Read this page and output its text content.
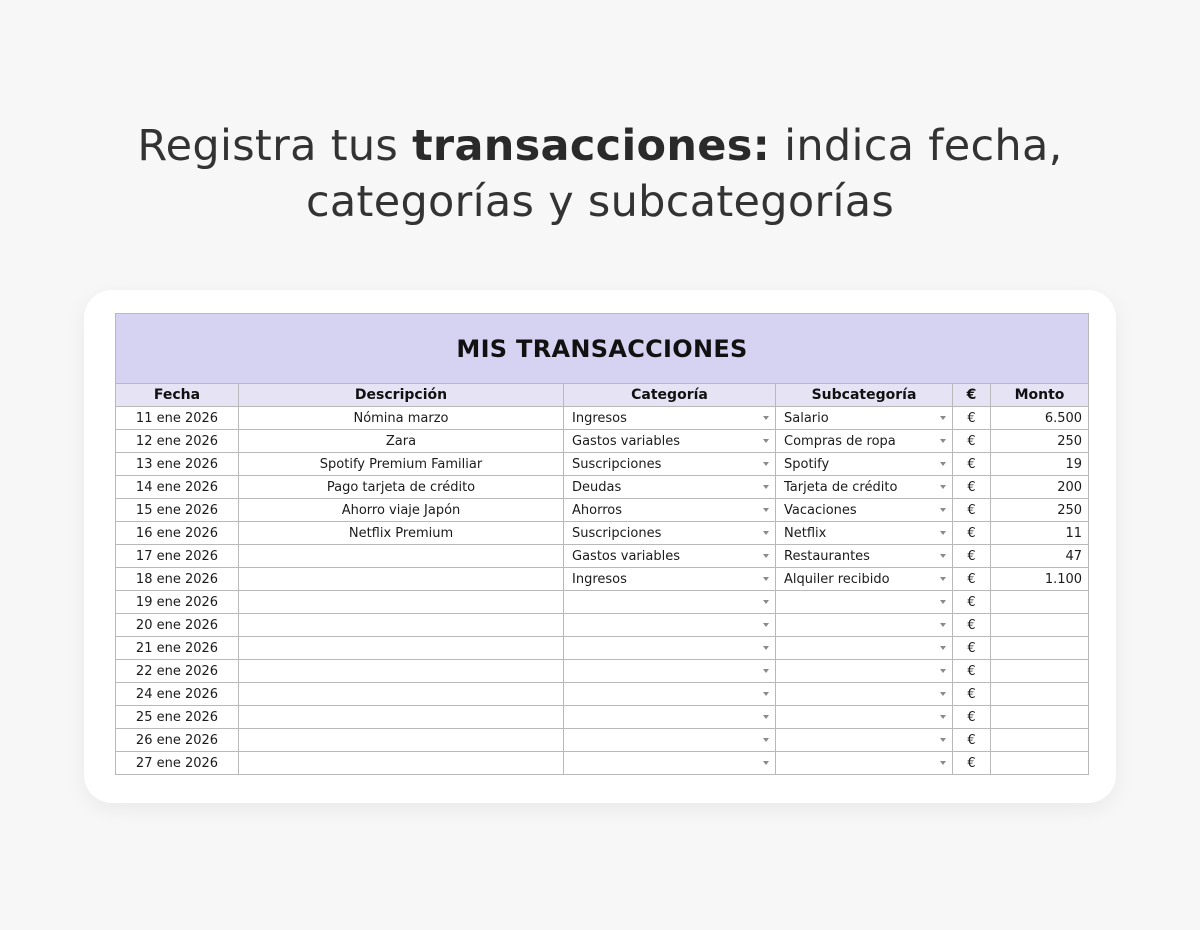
Registra tus transacciones: indica fecha,
categorías y subcategorías
MIS TRANSACCIONES					
Fecha	Descripción	Categoría	Subcategoría	€	Monto
11 ene 2026	Nómina marzo	Ingresos	Salario	€	6.500
12 ene 2026	Zara	Gastos variables	Compras de ropa	€	250
13 ene 2026	Spotify Premium Familiar	Suscripciones	Spotify	€	19
14 ene 2026	Pago tarjeta de crédito	Deudas	Tarjeta de crédito	€	200
15 ene 2026	Ahorro viaje Japón	Ahorros	Vacaciones	€	250
16 ene 2026	Netflix Premium	Suscripciones	Netflix	€	11
17 ene 2026		Gastos variables	Restaurantes	€	47
18 ene 2026		Ingresos	Alquiler recibido	€	1.100
19 ene 2026				€	
20 ene 2026				€	
21 ene 2026				€	
22 ene 2026				€	
24 ene 2026				€	
25 ene 2026				€	
26 ene 2026				€	
27 ene 2026				€	
